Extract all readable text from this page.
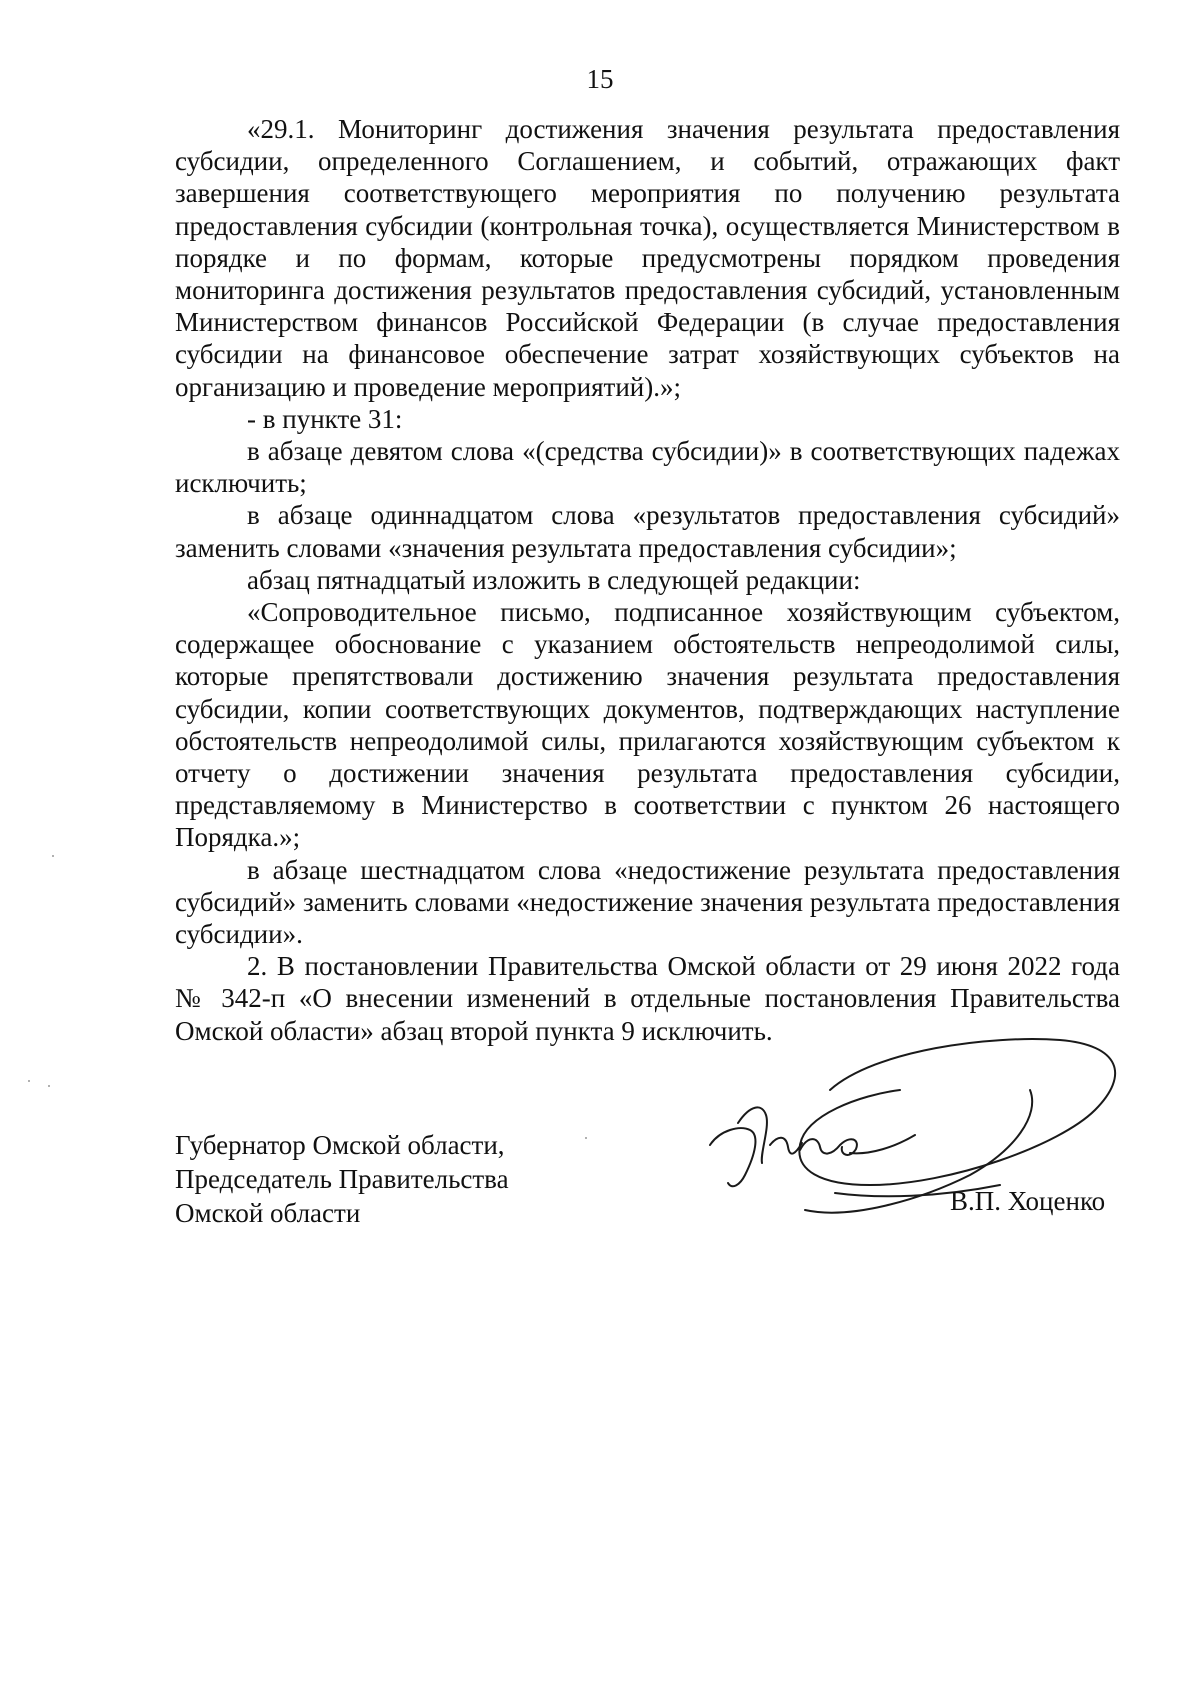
15

«29.1. Мониторинг достижения значения результата предоставления субсидии, определенного Соглашением, и событий, отражающих факт завершения соответствующего мероприятия по получению результата предоставления субсидии (контрольная точка), осуществляется Министерством в порядке и по формам, которые предусмотрены порядком проведения мониторинга достижения результатов предоставления субсидий, установленным Министерством финансов Российской Федерации (в случае предоставления субсидии на финансовое обеспечение затрат хозяйствующих субъектов на организацию и проведение мероприятий).»;

- в пункте 31:

в абзаце девятом слова «(средства субсидии)» в соответствующих падежах исключить;

в абзаце одиннадцатом слова «результатов предоставления субсидий» заменить словами «значения результата предоставления субсидии»;

абзац пятнадцатый изложить в следующей редакции:

«Сопроводительное письмо, подписанное хозяйствующим субъектом, содержащее обоснование с указанием обстоятельств непреодолимой силы, которые препятствовали достижению значения результата предоставления субсидии, копии соответствующих документов, подтверждающих наступление обстоятельств непреодолимой силы, прилагаются хозяйствующим субъектом к отчету о достижении значения результата предоставления субсидии, представляемому в Министерство в соответствии с пунктом 26 настоящего Порядка.»;

в абзаце шестнадцатом слова «недостижение результата предоставления субсидий» заменить словами «недостижение значения результата предоставления субсидии».

2. В постановлении Правительства Омской области от 29 июня 2022 года № 342-п «О внесении изменений в отдельные постановления Правительства Омской области» абзац второй пункта 9 исключить.

Губернатор Омской области,
Председатель Правительства
Омской области	В.П. Хоценко
